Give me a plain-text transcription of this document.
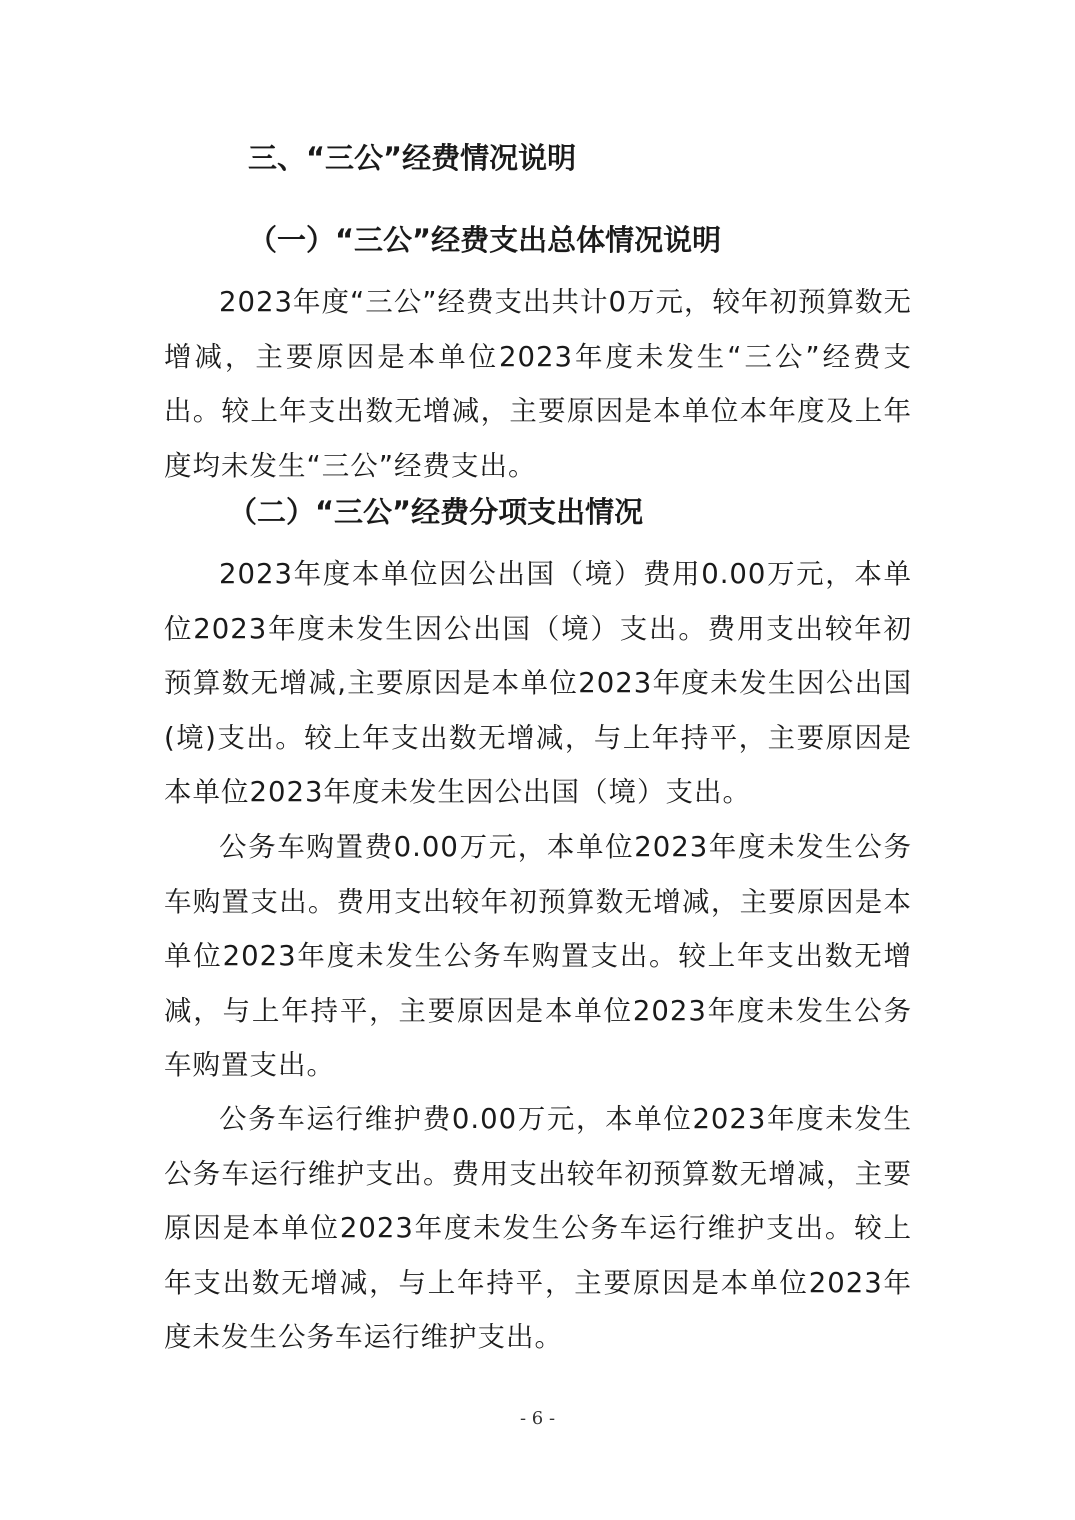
三、“三公”经费情况说明
（一）“三公”经费支出总体情况说明

2023年度“三公”经费支出共计0万元，较年初预算数无增减，主要原因是本单位2023年度未发生“三公”经费支出。较上年支出数无增减，主要原因是本单位本年度及上年度均未发生“三公”经费支出。

（二）“三公”经费分项支出情况

2023年度本单位因公出国（境）费用0.00万元，本单位2023年度未发生因公出国（境）支出。费用支出较年初预算数无增减,主要原因是本单位2023年度未发生因公出国(境)支出。较上年支出数无增减，与上年持平，主要原因是本单位2023年度未发生因公出国（境）支出。

公务车购置费0.00万元，本单位2023年度未发生公务车购置支出。费用支出较年初预算数无增减，主要原因是本单位2023年度未发生公务车购置支出。较上年支出数无增减，与上年持平，主要原因是本单位2023年度未发生公务车购置支出。

公务车运行维护费0.00万元，本单位2023年度未发生公务车运行维护支出。费用支出较年初预算数无增减，主要原因是本单位2023年度未发生公务车运行维护支出。较上年支出数无增减，与上年持平，主要原因是本单位2023年度未发生公务车运行维护支出。

- 6 -
